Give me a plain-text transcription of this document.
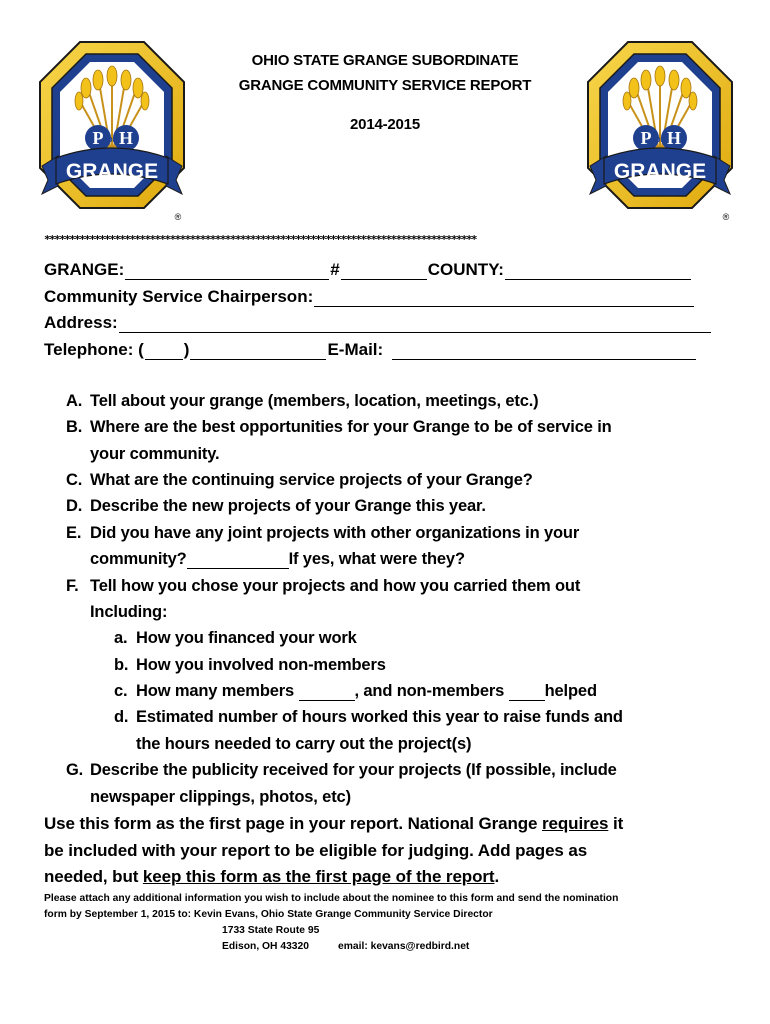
P H
OF
GRANGE
®
P H
OF
GRANGE
®
OHIO STATE GRANGE SUBORDINATE
GRANGE COMMUNITY SERVICE REPORT
2014-2015
**************************************************************************************
GRANGE:	#	COUNTY:
Community Service Chairperson:
Address:
Telephone: ( )	E-Mail:
A. Tell about your grange (members, location, meetings, etc.)
B. Where are the best opportunities for your Grange to be of service in
your community.
C. What are the continuing service projects of your Grange?
D. Describe the new projects of your Grange this year.
E. Did you have any joint projects with other organizations in your
community?	If yes, what were they?
F. Tell how you chose your projects and how you carried them out
Including:
a. How you financed your work
b. How you involved non-members
c. How many members	, and non-members helped
d. Estimated number of hours worked this year to raise funds and
the hours needed to carry out the project(s)
G. Describe the publicity received for your projects (If possible, include
newspaper clippings, photos, etc)
Use this form as the first page in your report. National Grange requires it
be included with your report to be eligible for judging. Add pages as
needed, but keep this form as the first page of the report.
Please attach any additional information you wish to include about the nominee to this form and send the nomination
form by September 1, 2015 to: Kevin Evans, Ohio State Grange Community Service Director
1733 State Route 95
Edison, OH 43320	email: kevans@redbird.net
